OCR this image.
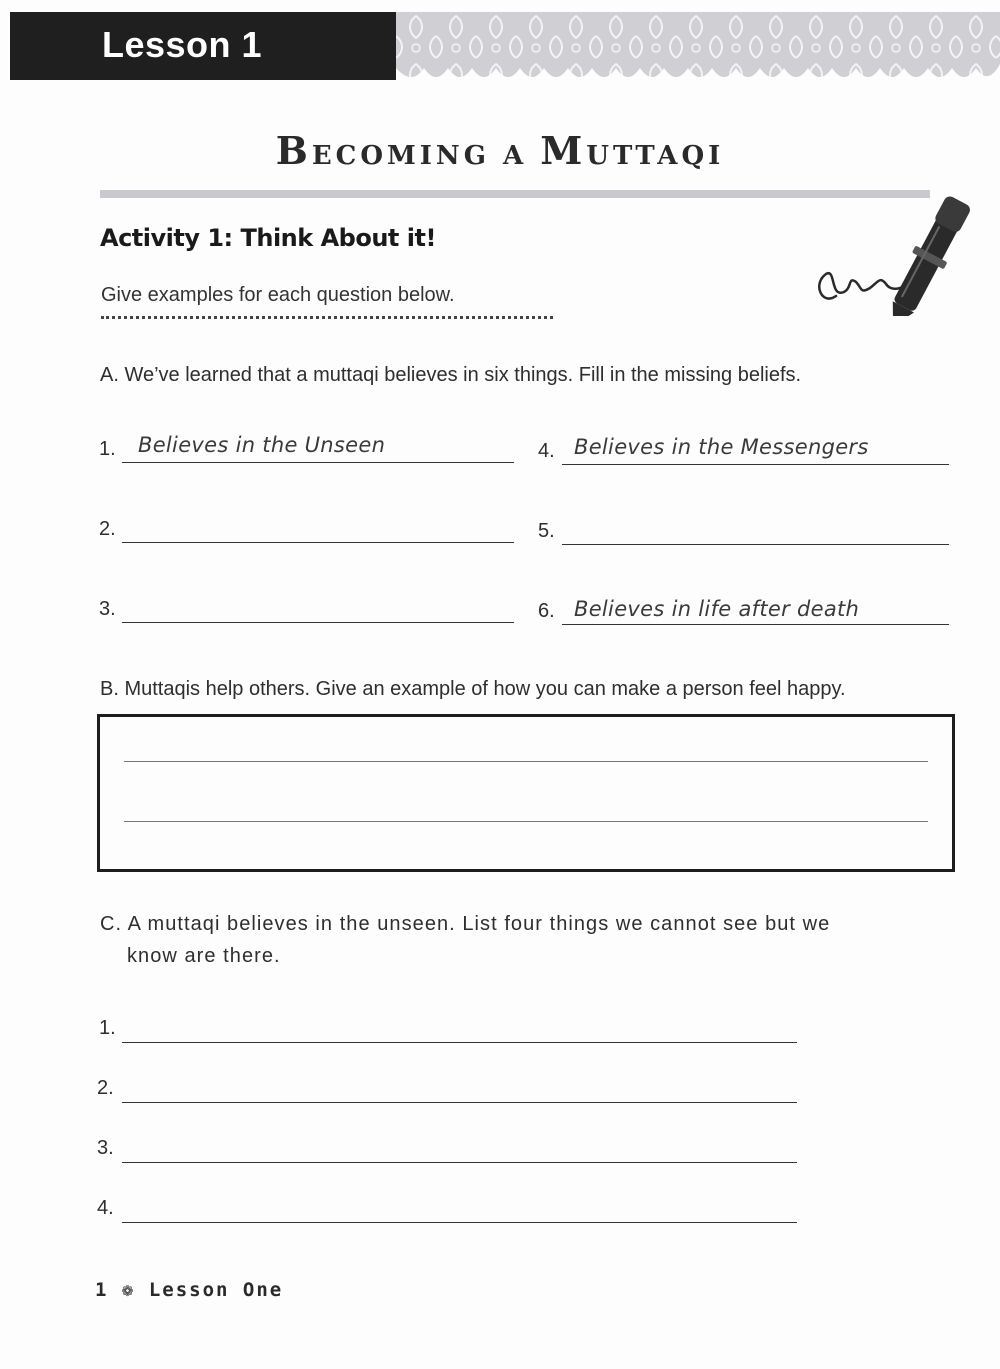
Lesson 1
BECOMING A MUTTAQI
Activity 1: Think About it!
Give examples for each question below.
A. We’ve learned that a muttaqi believes in six things. Fill in the missing beliefs.
1. Believes in the Unseen
2.
3.
4. Believes in the Messengers
5.
6. Believes in life after death
B. Muttaqis help others. Give an example of how you can make a person feel happy.
C. A muttaqi believes in the unseen. List four things we cannot see but we
know are there.
1.
2.
3.
4.
1 ❁ Lesson One
